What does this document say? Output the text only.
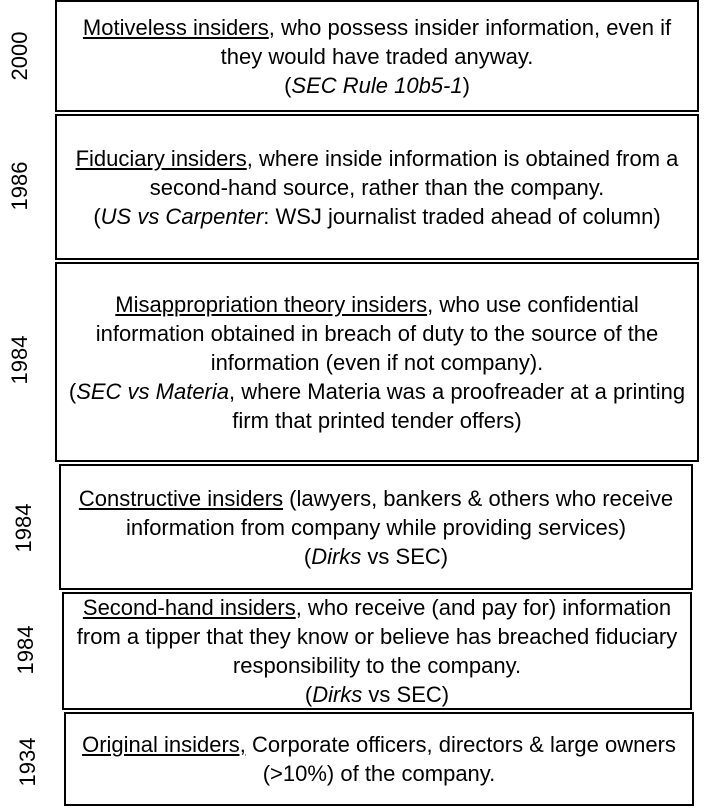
2000
Motiveless insiders, who possess insider information, even if they would have traded anyway.
(SEC Rule 10b5-1)
1986
Fiduciary insiders, where inside information is obtained from a second-hand source, rather than the company.
(US vs Carpenter: WSJ journalist traded ahead of column)
1984
Misappropriation theory insiders, who use confidential information obtained in breach of duty to the source of the information (even if not company).
(SEC vs Materia, where Materia was a proofreader at a printing firm that printed tender offers)
1984
Constructive insiders (lawyers, bankers & others who receive information from company while providing services)
(Dirks vs SEC)
1984
Second-hand insiders, who receive (and pay for) information from a tipper that they know or believe has breached fiduciary responsibility to the company.
(Dirks vs SEC)
1934	Original insiders, Corporate officers, directors & large owners (>10%) of the company.
